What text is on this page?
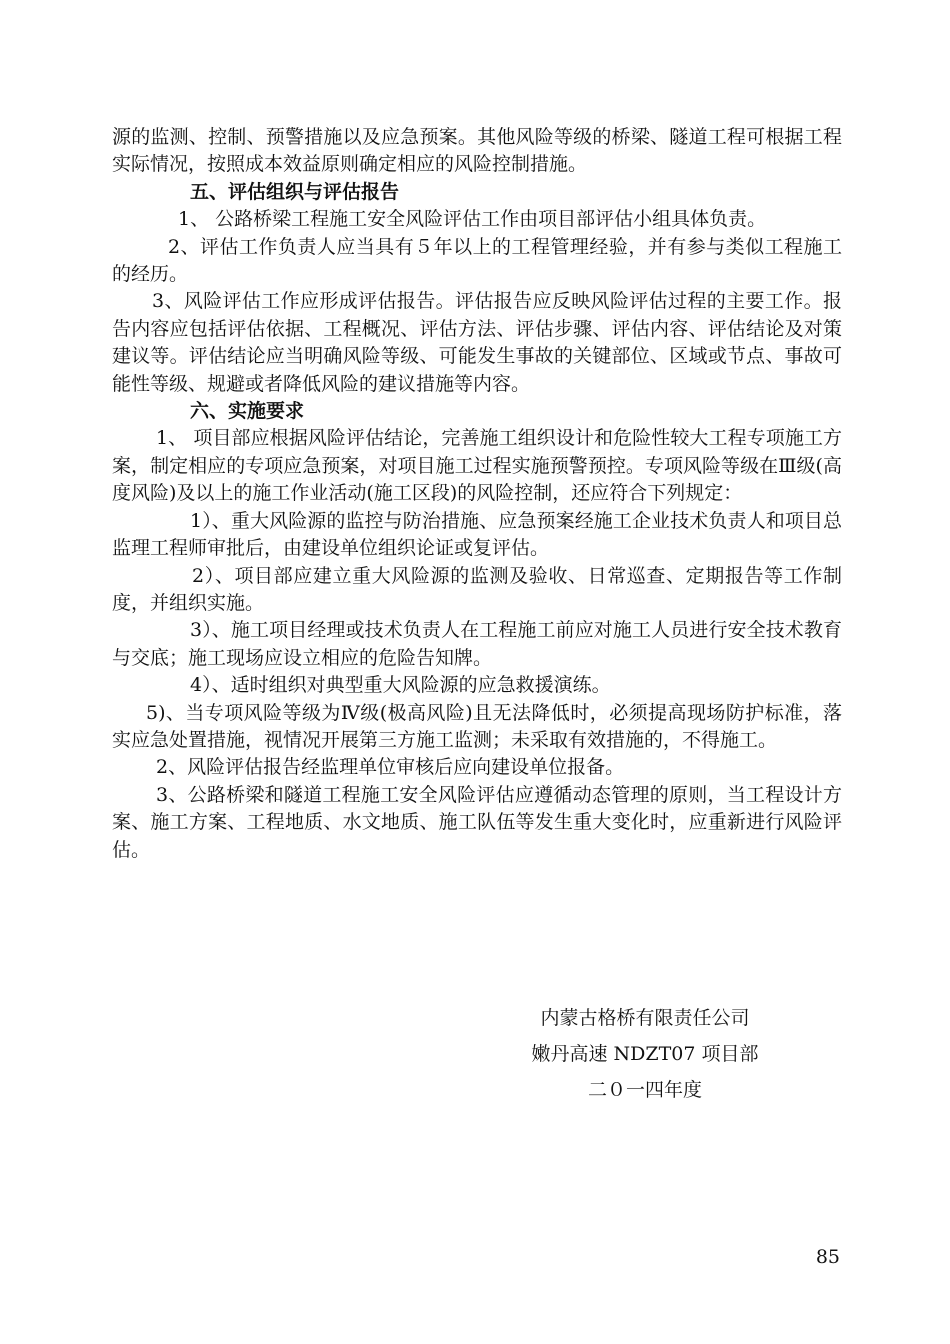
源的监测、控制、预警措施以及应急预案。其他风险等级的桥梁、隧道工程可根据工程实际情况，按照成本效益原则确定相应的风险控制措施。

五、评估组织与评估报告

1、 公路桥梁工程施工安全风险评估工作由项目部评估小组具体负责。

2、评估工作负责人应当具有５年以上的工程管理经验，并有参与类似工程施工的经历。

3、风险评估工作应形成评估报告。评估报告应反映风险评估过程的主要工作。报告内容应包括评估依据、工程概况、评估方法、评估步骤、评估内容、评估结论及对策建议等。评估结论应当明确风险等级、可能发生事故的关键部位、区域或节点、事故可能性等级、规避或者降低风险的建议措施等内容。

六、实施要求

1、 项目部应根据风险评估结论，完善施工组织设计和危险性较大工程专项施工方案，制定相应的专项应急预案，对项目施工过程实施预警预控。专项风险等级在Ⅲ级(高度风险)及以上的施工作业活动(施工区段)的风险控制，还应符合下列规定：

1）、重大风险源的监控与防治措施、应急预案经施工企业技术负责人和项目总监理工程师审批后，由建设单位组织论证或复评估。

2）、项目部应建立重大风险源的监测及验收、日常巡查、定期报告等工作制度，并组织实施。

3）、施工项目经理或技术负责人在工程施工前应对施工人员进行安全技术教育与交底；施工现场应设立相应的危险告知牌。

4）、适时组织对典型重大风险源的应急救援演练。

5)、当专项风险等级为Ⅳ级(极高风险)且无法降低时，必须提高现场防护标准，落实应急处置措施，视情况开展第三方施工监测；未采取有效措施的，不得施工。

2、风险评估报告经监理单位审核后应向建设单位报备。

3、公路桥梁和隧道工程施工安全风险评估应遵循动态管理的原则，当工程设计方案、施工方案、工程地质、水文地质、施工队伍等发生重大变化时，应重新进行风险评估。

内蒙古格桥有限责任公司
嫩丹高速 NDZT07 项目部
二０一四年度
85
